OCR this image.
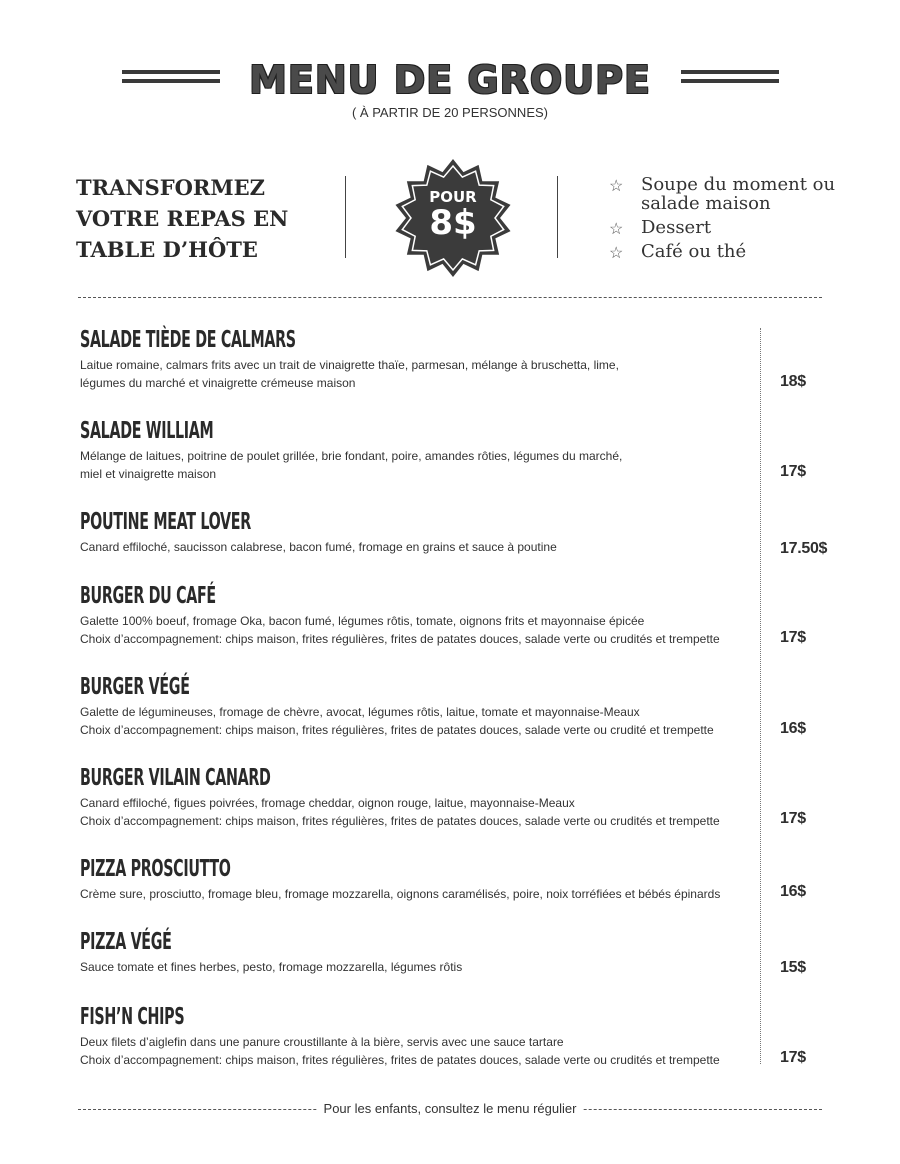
MENU DE GROUPE
( À PARTIR DE 20 PERSONNES)
TRANSFORMEZ
VOTRE REPAS EN
TABLE D’HÔTE
POUR
8$
☆ Soupe du moment ou salade maison
☆ Dessert
☆ Café ou thé
SALADE TIÈDE DE CALMARS
Laitue romaine, calmars frits avec un trait de vinaigrette thaïe, parmesan, mélange à bruschetta, lime,
légumes du marché et vinaigrette crémeuse maison	18$
SALADE WILLIAM
Mélange de laitues, poitrine de poulet grillée, brie fondant, poire, amandes rôties, légumes du marché,
miel et vinaigrette maison	17$
POUTINE MEAT LOVER
Canard effiloché, saucisson calabrese, bacon fumé, fromage en grains et sauce à poutine	17.50$
BURGER DU CAFÉ
Galette 100% boeuf, fromage Oka, bacon fumé, légumes rôtis, tomate, oignons frits et mayonnaise épicée
Choix d’accompagnement: chips maison, frites régulières, frites de patates douces, salade verte ou crudités et trempette	17$
BURGER VÉGÉ
Galette de légumineuses, fromage de chèvre, avocat, légumes rôtis, laitue, tomate et mayonnaise-Meaux
Choix d’accompagnement: chips maison, frites régulières, frites de patates douces, salade verte ou crudité et trempette	16$
BURGER VILAIN CANARD
Canard effiloché, figues poivrées, fromage cheddar, oignon rouge, laitue, mayonnaise-Meaux
Choix d’accompagnement: chips maison, frites régulières, frites de patates douces, salade verte ou crudités et trempette	17$
PIZZA PROSCIUTTO
Crème sure, prosciutto, fromage bleu, fromage mozzarella, oignons caramélisés, poire, noix torréfiées et bébés épinards	16$
PIZZA VÉGÉ
Sauce tomate et fines herbes, pesto, fromage mozzarella, légumes rôtis	15$
FISH’N CHIPS
Deux filets d’aiglefin dans une panure croustillante à la bière, servis avec une sauce tartare
Choix d’accompagnement: chips maison, frites régulières, frites de patates douces, salade verte ou crudités et trempette	17$
Pour les enfants, consultez le menu régulier
